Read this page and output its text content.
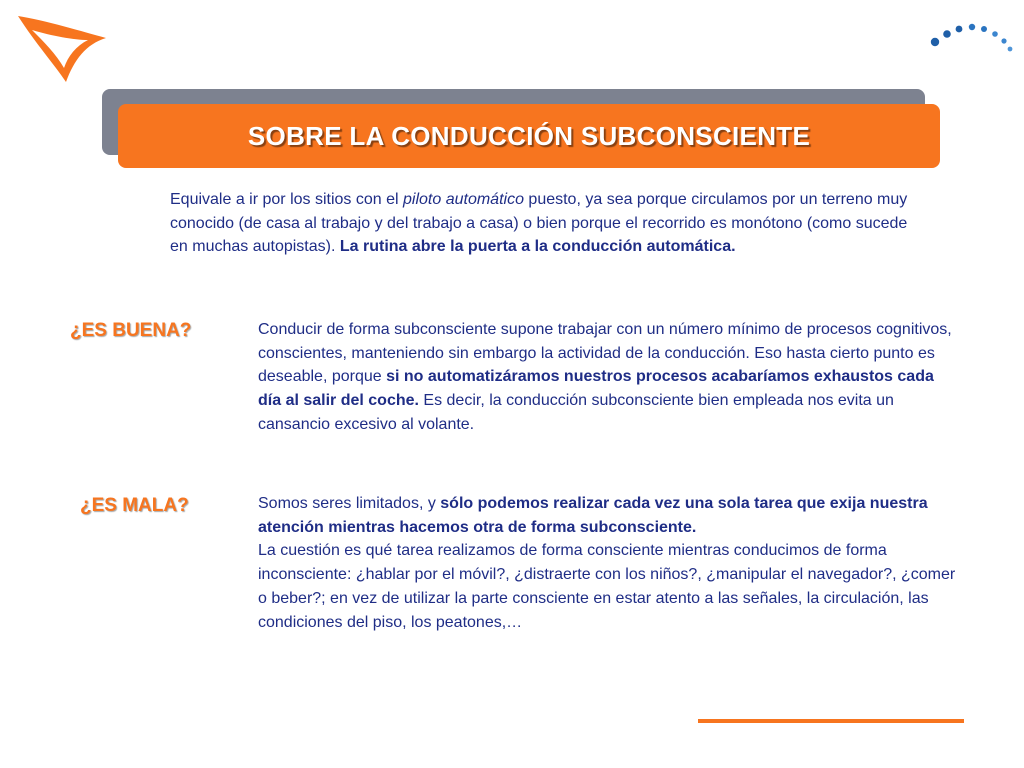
SOBRE LA CONDUCCIÓN SUBCONSCIENTE

Equivale a ir por los sitios con el piloto automático puesto, ya sea porque circulamos por un terreno muy conocido (de casa al trabajo y del trabajo a casa) o bien porque el recorrido es monótono (como sucede en muchas autopistas). La rutina abre la puerta a la conducción automática.

¿ES BUENA?	Conducir de forma subconsciente supone trabajar con un número mínimo de procesos cognitivos, conscientes, manteniendo sin embargo la actividad de la conducción. Eso hasta cierto punto es deseable, porque si no automatizáramos nuestros procesos acabaríamos exhaustos cada día al salir del coche. Es decir, la conducción subconsciente bien empleada nos evita un cansancio excesivo al volante.

¿ES MALA?	Somos seres limitados, y sólo podemos realizar cada vez una sola tarea que exija nuestra atención mientras hacemos otra de forma subconsciente.
La cuestión es qué tarea realizamos de forma consciente mientras conducimos de forma inconsciente: ¿hablar por el móvil?, ¿distraerte con los niños?, ¿manipular el navegador?, ¿comer o beber?; en vez de utilizar la parte consciente en estar atento a las señales, la circulación, las condiciones del piso, los peatones,…
